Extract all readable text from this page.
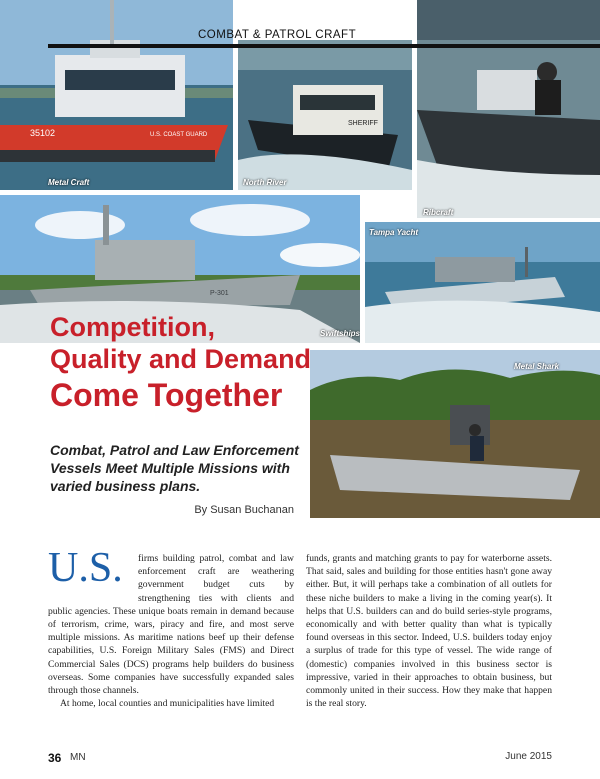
35102	U.S. COAST GUARD
Metal Craft
SHERIFF
North River
Ribcraft
P-301
Swiftships
Tampa Yacht
Metal Shark
COMBAT & PATROL CRAFT
Competition,
Quality and Demand
Come Together
Combat, Patrol and Law Enforcement Vessels Meet Multiple Missions with varied business plans.
By Susan Buchanan
U.S.	firms building patrol, combat and law enforcement craft are weathering government budget cuts by strengthening ties with clients and public agencies. These unique boats remain in demand because of terrorism, crime, wars, piracy and fire, and most serve multiple missions. As maritime nations beef up their defense capabilities, U.S. Foreign Military Sales (FMS) and Direct Commercial Sales (DCS) programs help builders do business overseas. Some companies have successfully expanded sales through those channels.

At home, local counties and municipalities have limited

funds, grants and matching grants to pay for waterborne assets. That said, sales and building for those entities hasn't gone away either. But, it will perhaps take a combination of all outlets for these niche builders to make a living in the coming year(s). It helps that U.S. builders can and do build series-style programs, economically and with better quality than what is typically found overseas in this sector. Indeed, U.S. builders today enjoy a surplus of trade for this type of vessel. The wide range of (domestic) companies involved in this business sector is impressive, varied in their approaches to obtain business, but commonly united in their success. How they make that happen is the real story.

36 MN	June 2015
